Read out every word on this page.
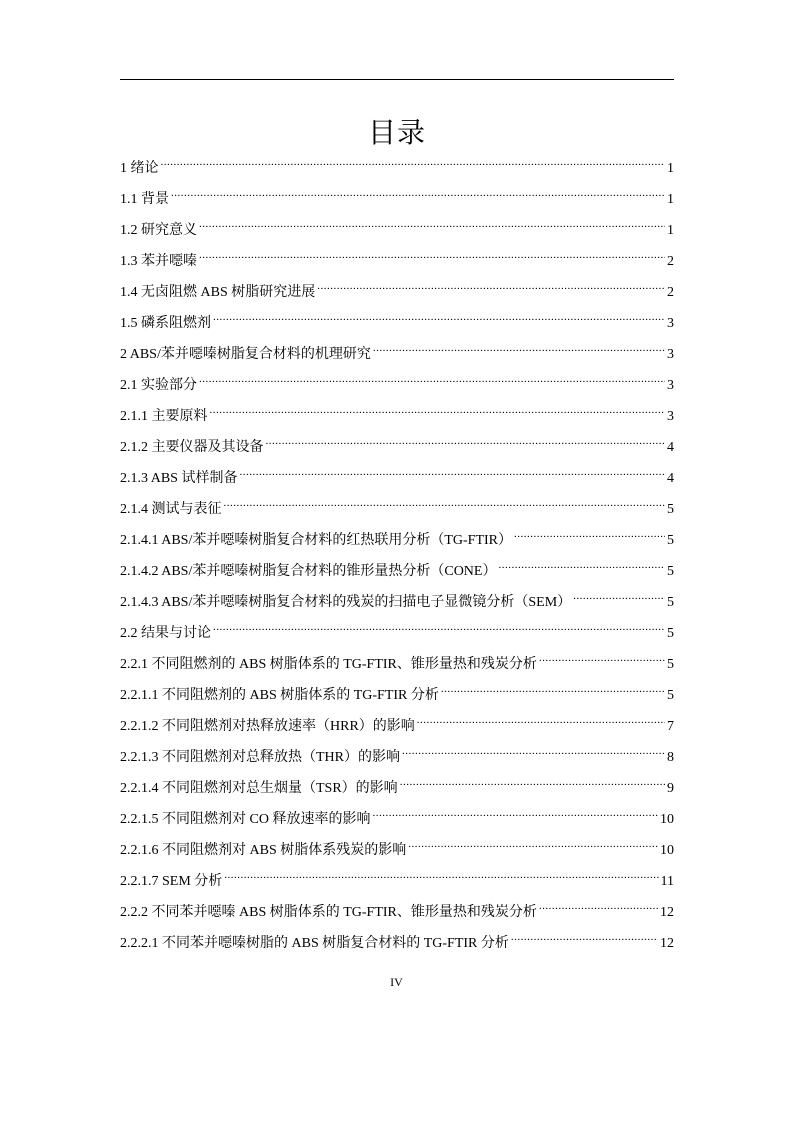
目录
1 绪论 .....	1
1.1 背景 .....	1
1.2 研究意义 .....	1
1.3 苯并噁嗪 .....	2
1.4 无卤阻燃 ABS 树脂研究进展 .....	2
1.5 磷系阻燃剂 .....	3
2 ABS/苯并噁嗪树脂复合材料的机理研究 .....	3
2.1 实验部分 .....	3
2.1.1 主要原料 .....	3
2.1.2 主要仪器及其设备 .....	4
2.1.3 ABS 试样制备 .....	4
2.1.4 测试与表征 .....	5
2.1.4.1 ABS/苯并噁嗪树脂复合材料的红热联用分析（TG-FTIR） .....	5
2.1.4.2 ABS/苯并噁嗪树脂复合材料的锥形量热分析（CONE） .....	5
2.1.4.3 ABS/苯并噁嗪树脂复合材料的残炭的扫描电子显微镜分析（SEM） .....	5
2.2 结果与讨论 .....	5
2.2.1 不同阻燃剂的 ABS 树脂体系的 TG-FTIR、锥形量热和残炭分析 .....	5
2.2.1.1 不同阻燃剂的 ABS 树脂体系的 TG-FTIR 分析 .....	5
2.2.1.2 不同阻燃剂对热释放速率（HRR）的影响 .....	7
2.2.1.3 不同阻燃剂对总释放热（THR）的影响 .....	8
2.2.1.4 不同阻燃剂对总生烟量（TSR）的影响 .....	9
2.2.1.5 不同阻燃剂对 CO 释放速率的影响 .....	10
2.2.1.6 不同阻燃剂对 ABS 树脂体系残炭的影响 .....	10
2.2.1.7 SEM 分析 .....	11
2.2.2 不同苯并噁嗪 ABS 树脂体系的 TG-FTIR、锥形量热和残炭分析 .....	12
2.2.2.1 不同苯并噁嗪树脂的 ABS 树脂复合材料的 TG-FTIR 分析 .....	12
IV
